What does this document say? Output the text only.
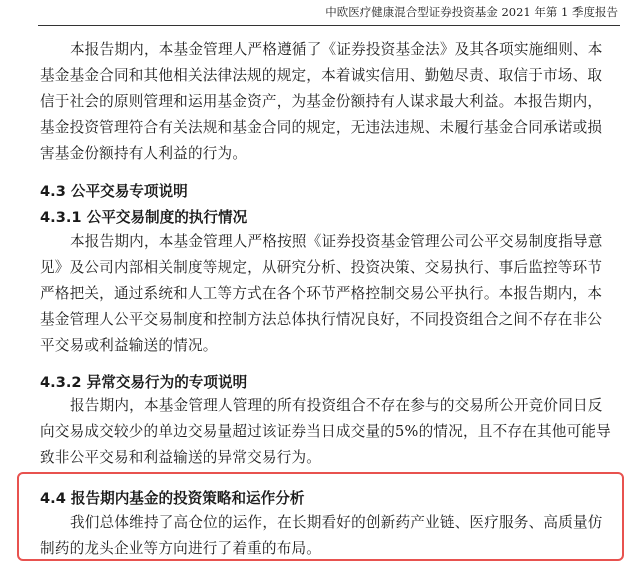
中欧医疗健康混合型证券投资基金 2021 年第 1 季度报告
本报告期内，本基金管理人严格遵循了《证券投资基金法》及其各项实施细则、本
基金基金合同和其他相关法律法规的规定，本着诚实信用、勤勉尽责、取信于市场、取
信于社会的原则管理和运用基金资产，为基金份额持有人谋求最大利益。本报告期内，
基金投资管理符合有关法规和基金合同的规定，无违法违规、未履行基金合同承诺或损
害基金份额持有人利益的行为。
4.3 公平交易专项说明
4.3.1 公平交易制度的执行情况
本报告期内，本基金管理人严格按照《证券投资基金管理公司公平交易制度指导意
见》及公司内部相关制度等规定，从研究分析、投资决策、交易执行、事后监控等环节
严格把关，通过系统和人工等方式在各个环节严格控制交易公平执行。本报告期内，本
基金管理人公平交易制度和控制方法总体执行情况良好，不同投资组合之间不存在非公
平交易或利益输送的情况。
4.3.2 异常交易行为的专项说明
报告期内，本基金管理人管理的所有投资组合不存在参与的交易所公开竞价同日反
向交易成交较少的单边交易量超过该证券当日成交量的5%的情况，且不存在其他可能导
致非公平交易和利益输送的异常交易行为。
4.4 报告期内基金的投资策略和运作分析
我们总体维持了高仓位的运作，在长期看好的创新药产业链、医疗服务、高质量仿
制药的龙头企业等方向进行了着重的布局。
